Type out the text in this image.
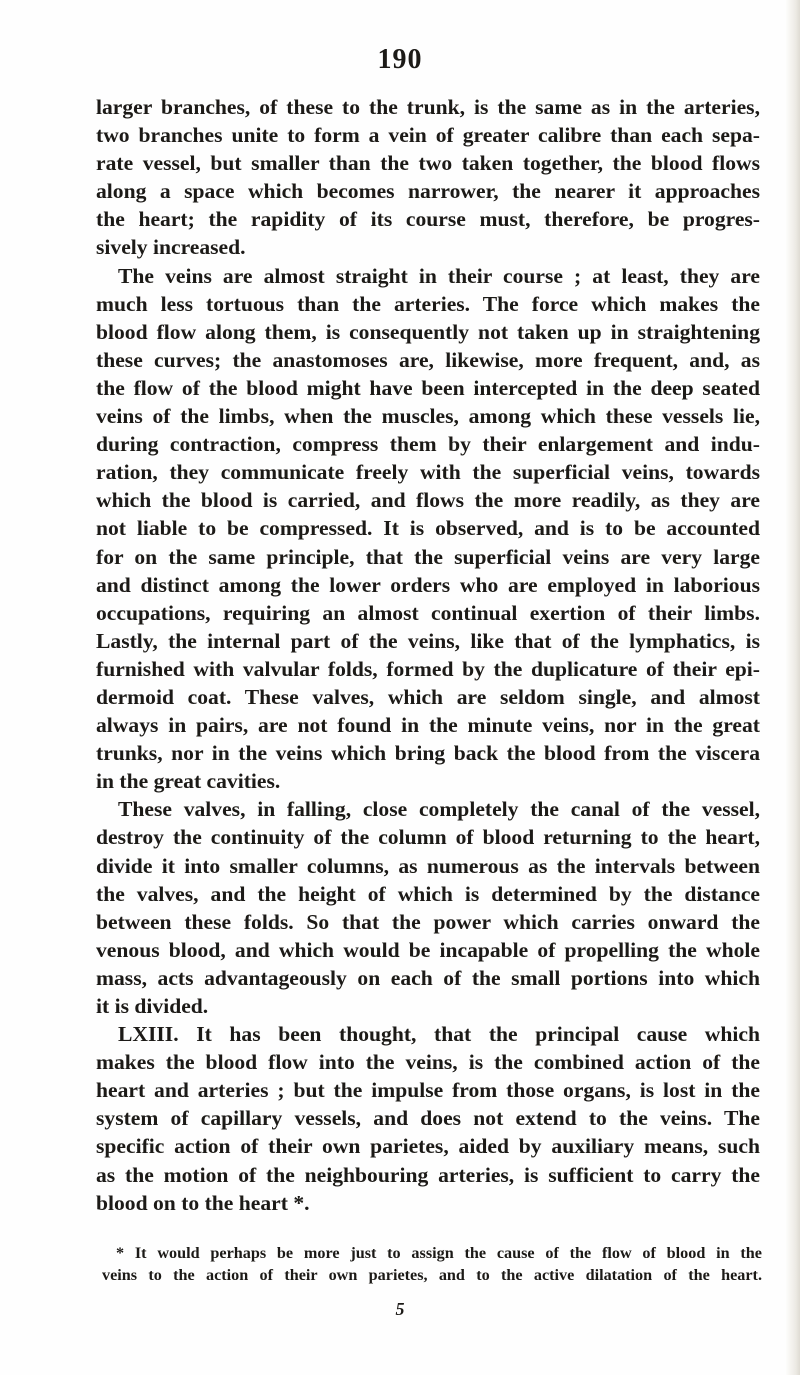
190
larger branches, of these to the trunk, is the same as in the arteries,
two branches unite to form a vein of greater calibre than each sepa-
rate vessel, but smaller than the two taken together, the blood flows
along a space which becomes narrower, the nearer it approaches
the heart; the rapidity of its course must, therefore, be progres-
sively increased.
The veins are almost straight in their course ; at least, they are
much less tortuous than the arteries. The force which makes the
blood flow along them, is consequently not taken up in straightening
these curves; the anastomoses are, likewise, more frequent, and, as
the flow of the blood might have been intercepted in the deep seated
veins of the limbs, when the muscles, among which these vessels lie,
during contraction, compress them by their enlargement and indu-
ration, they communicate freely with the superficial veins, towards
which the blood is carried, and flows the more readily, as they are
not liable to be compressed. It is observed, and is to be accounted
for on the same principle, that the superficial veins are very large
and distinct among the lower orders who are employed in laborious
occupations, requiring an almost continual exertion of their limbs.
Lastly, the internal part of the veins, like that of the lymphatics, is
furnished with valvular folds, formed by the duplicature of their epi-
dermoid coat. These valves, which are seldom single, and almost
always in pairs, are not found in the minute veins, nor in the great
trunks, nor in the veins which bring back the blood from the viscera
in the great cavities.
These valves, in falling, close completely the canal of the vessel,
destroy the continuity of the column of blood returning to the heart,
divide it into smaller columns, as numerous as the intervals between
the valves, and the height of which is determined by the distance
between these folds. So that the power which carries onward the
venous blood, and which would be incapable of propelling the whole
mass, acts advantageously on each of the small portions into which
it is divided.
LXIII. It has been thought, that the principal cause which
makes the blood flow into the veins, is the combined action of the
heart and arteries ; but the impulse from those organs, is lost in the
system of capillary vessels, and does not extend to the veins. The
specific action of their own parietes, aided by auxiliary means, such
as the motion of the neighbouring arteries, is sufficient to carry the
blood on to the heart *.
* It would perhaps be more just to assign the cause of the flow of blood in the
veins to the action of their own parietes, and to the active dilatation of the heart.
5
